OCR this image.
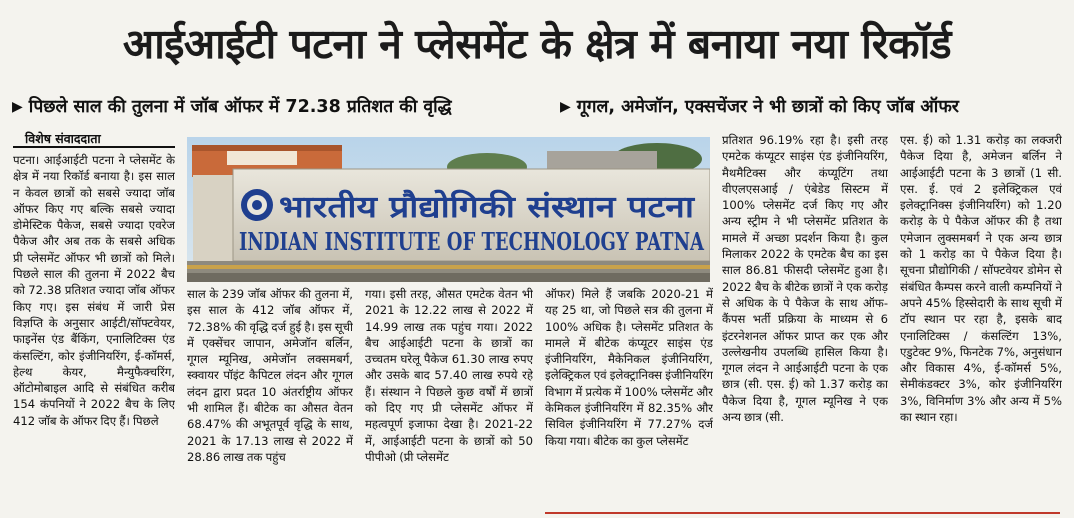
आईआईटी पटना ने प्लेसमेंट के क्षेत्र में बनाया नया रिकॉर्ड
▶ पिछले साल की तुलना में जॉब ऑफर में 72.38 प्रतिशत की वृद्धि	▶ गूगल, अमेजॉन, एक्सचेंजर ने भी छात्रों को किए जॉब ऑफर
विशेष संवाददाता
भारतीय प्रौद्योगिकी संस्थान पटना
INDIAN INSTITUTE OF TECHNOLOGY PATNA
पटना। आईआईटी पटना ने प्लेसमेंट के क्षेत्र में नया रिकॉर्ड बनाया है। इस साल न केवल छात्रों को सबसे ज्यादा जॉब ऑफर किए गए बल्कि सबसे ज्यादा डोमेस्टिक पैकेज, सबसे ज्यादा एवरेज पैकेज और अब तक के सबसे अधिक प्री प्लेसमेंट ऑफर भी छात्रों को मिले। पिछले साल की तुलना में 2022 बैच को 72.38 प्रतिशत ज्यादा जॉब ऑफर किए गए। इस संबंध में जारी प्रेस विज्ञप्ति के अनुसार आईटी/सॉफ्टवेयर, फाइनेंस एंड बैंकिंग, एनालिटिक्स एंड कंसल्टिंग, कोर इंजीनियरिंग, ई-कॉमर्स, हेल्थ केयर, मैन्युफैक्चरिंग, ऑटोमोबाइल आदि से संबंधित करीब 154 कंपनियों ने 2022 बैच के लिए 412 जॉब के ऑफर दिए हैं। पिछले
साल के 239 जॉब ऑफर की तुलना में, इस साल के 412 जॉब ऑफर में, 72.38% की वृद्धि दर्ज हुई है। इस सूची में एक्सेंचर जापान, अमेजॉन बर्लिन, गूगल म्यूनिख, अमेजॉन लक्समबर्ग, स्क्वायर पॉइंट कैपिटल लंदन और गूगल लंदन द्वारा प्रदत 10 अंतर्राष्ट्रीय ऑफर भी शामिल हैं। बीटेक का औसत वेतन 68.47% की अभूतपूर्व वृद्धि के साथ, 2021 के 17.13 लाख से 2022 में 28.86 लाख तक पहुंच
गया। इसी तरह, औसत एमटेक वेतन भी 2021 के 12.22 लाख से 2022 में 14.99 लाख तक पहुंच गया। 2022 बैच आईआईटी पटना के छात्रों का उच्चतम घरेलू पैकेज 61.30 लाख रुपए और उसके बाद 57.40 लाख रुपये रहे हैं। संस्थान ने पिछले कुछ वर्षों में छात्रों को दिए गए प्री प्लेसमेंट ऑफर में महत्वपूर्ण इजाफा देखा है। 2021-22 में, आईआईटी पटना के छात्रों को 50 पीपीओ (प्री प्लेसमेंट
ऑफर) मिले हैं जबकि 2020-21 में यह 25 था, जो पिछले सत्र की तुलना में 100% अधिक है। प्लेसमेंट प्रतिशत के मामले में बीटेक कंप्यूटर साइंस एंड इंजीनियरिंग, मैकेनिकल इंजीनियरिंग, इलेक्ट्रिकल एवं इलेक्ट्रानिक्स इंजीनियरिंग विभाग में प्रत्येक में 100% प्लेसमेंट और केमिकल इंजीनियरिंग में 82.35% और सिविल इंजीनियरिंग में 77.27% दर्ज किया गया। बीटेक का कुल प्लेसमेंट
प्रतिशत 96.19% रहा है। इसी तरह एमटेक कंप्यूटर साइंस एंड इंजीनियरिंग, मैथमैटिक्स और कंप्यूटिंग तथा वीएलएसआई / एंबेडेड सिस्टम में 100% प्लेसमेंट दर्ज किए गए और अन्य स्ट्रीम ने भी प्लेसमेंट प्रतिशत के मामले में अच्छा प्रदर्शन किया है। कुल मिलाकर 2022 के एमटेक बैच का इस साल 86.81 फीसदी प्लेसमेंट हुआ है। 2022 बैच के बीटेक छात्रों ने एक करोड़ से अधिक के पे पैकेज के साथ ऑफ-कैंपस भर्ती प्रक्रिया के माध्यम से 6 इंटरनेशनल ऑफर प्राप्त कर एक और उल्लेखनीय उपलब्धि हासिल किया है। गूगल लंदन ने आईआईटी पटना के एक छात्र (सी. एस. ई) को 1.37 करोड़ का पैकेज दिया है, गूगल म्यूनिख ने एक अन्य छात्र (सी.
एस. ई) को 1.31 करोड़ का लक्जरी पैकेज दिया है, अमेजन बर्लिन ने आईआईटी पटना के 3 छात्रों (1 सी. एस. ई. एवं 2 इलेक्ट्रिकल एवं इलेक्ट्रानिक्स इंजीनियरिंग) को 1.20 करोड़ के पे पैकेज ऑफर की है तथा एमेजान लुक्समबर्ग ने एक अन्य छात्र को 1 करोड़ का पे पैकेज दिया है। सूचना प्रौद्योगिकी / सॉफ्टवेयर डोमेन से संबंधित कैम्पस करने वाली कम्पनियों ने अपने 45% हिस्सेदारी के साथ सूची में टॉप स्थान पर रहा है, इसके बाद एनालिटिक्स / कंसल्टिंग 13%, एडुटेक्ट 9%, फिनटेक 7%, अनुसंधान और विकास 4%, ई-कॉमर्स 5%, सेमीकंडक्टर 3%, कोर इंजीनियरिंग 3%, विनिर्माण 3% और अन्य में 5% का स्थान रहा।
